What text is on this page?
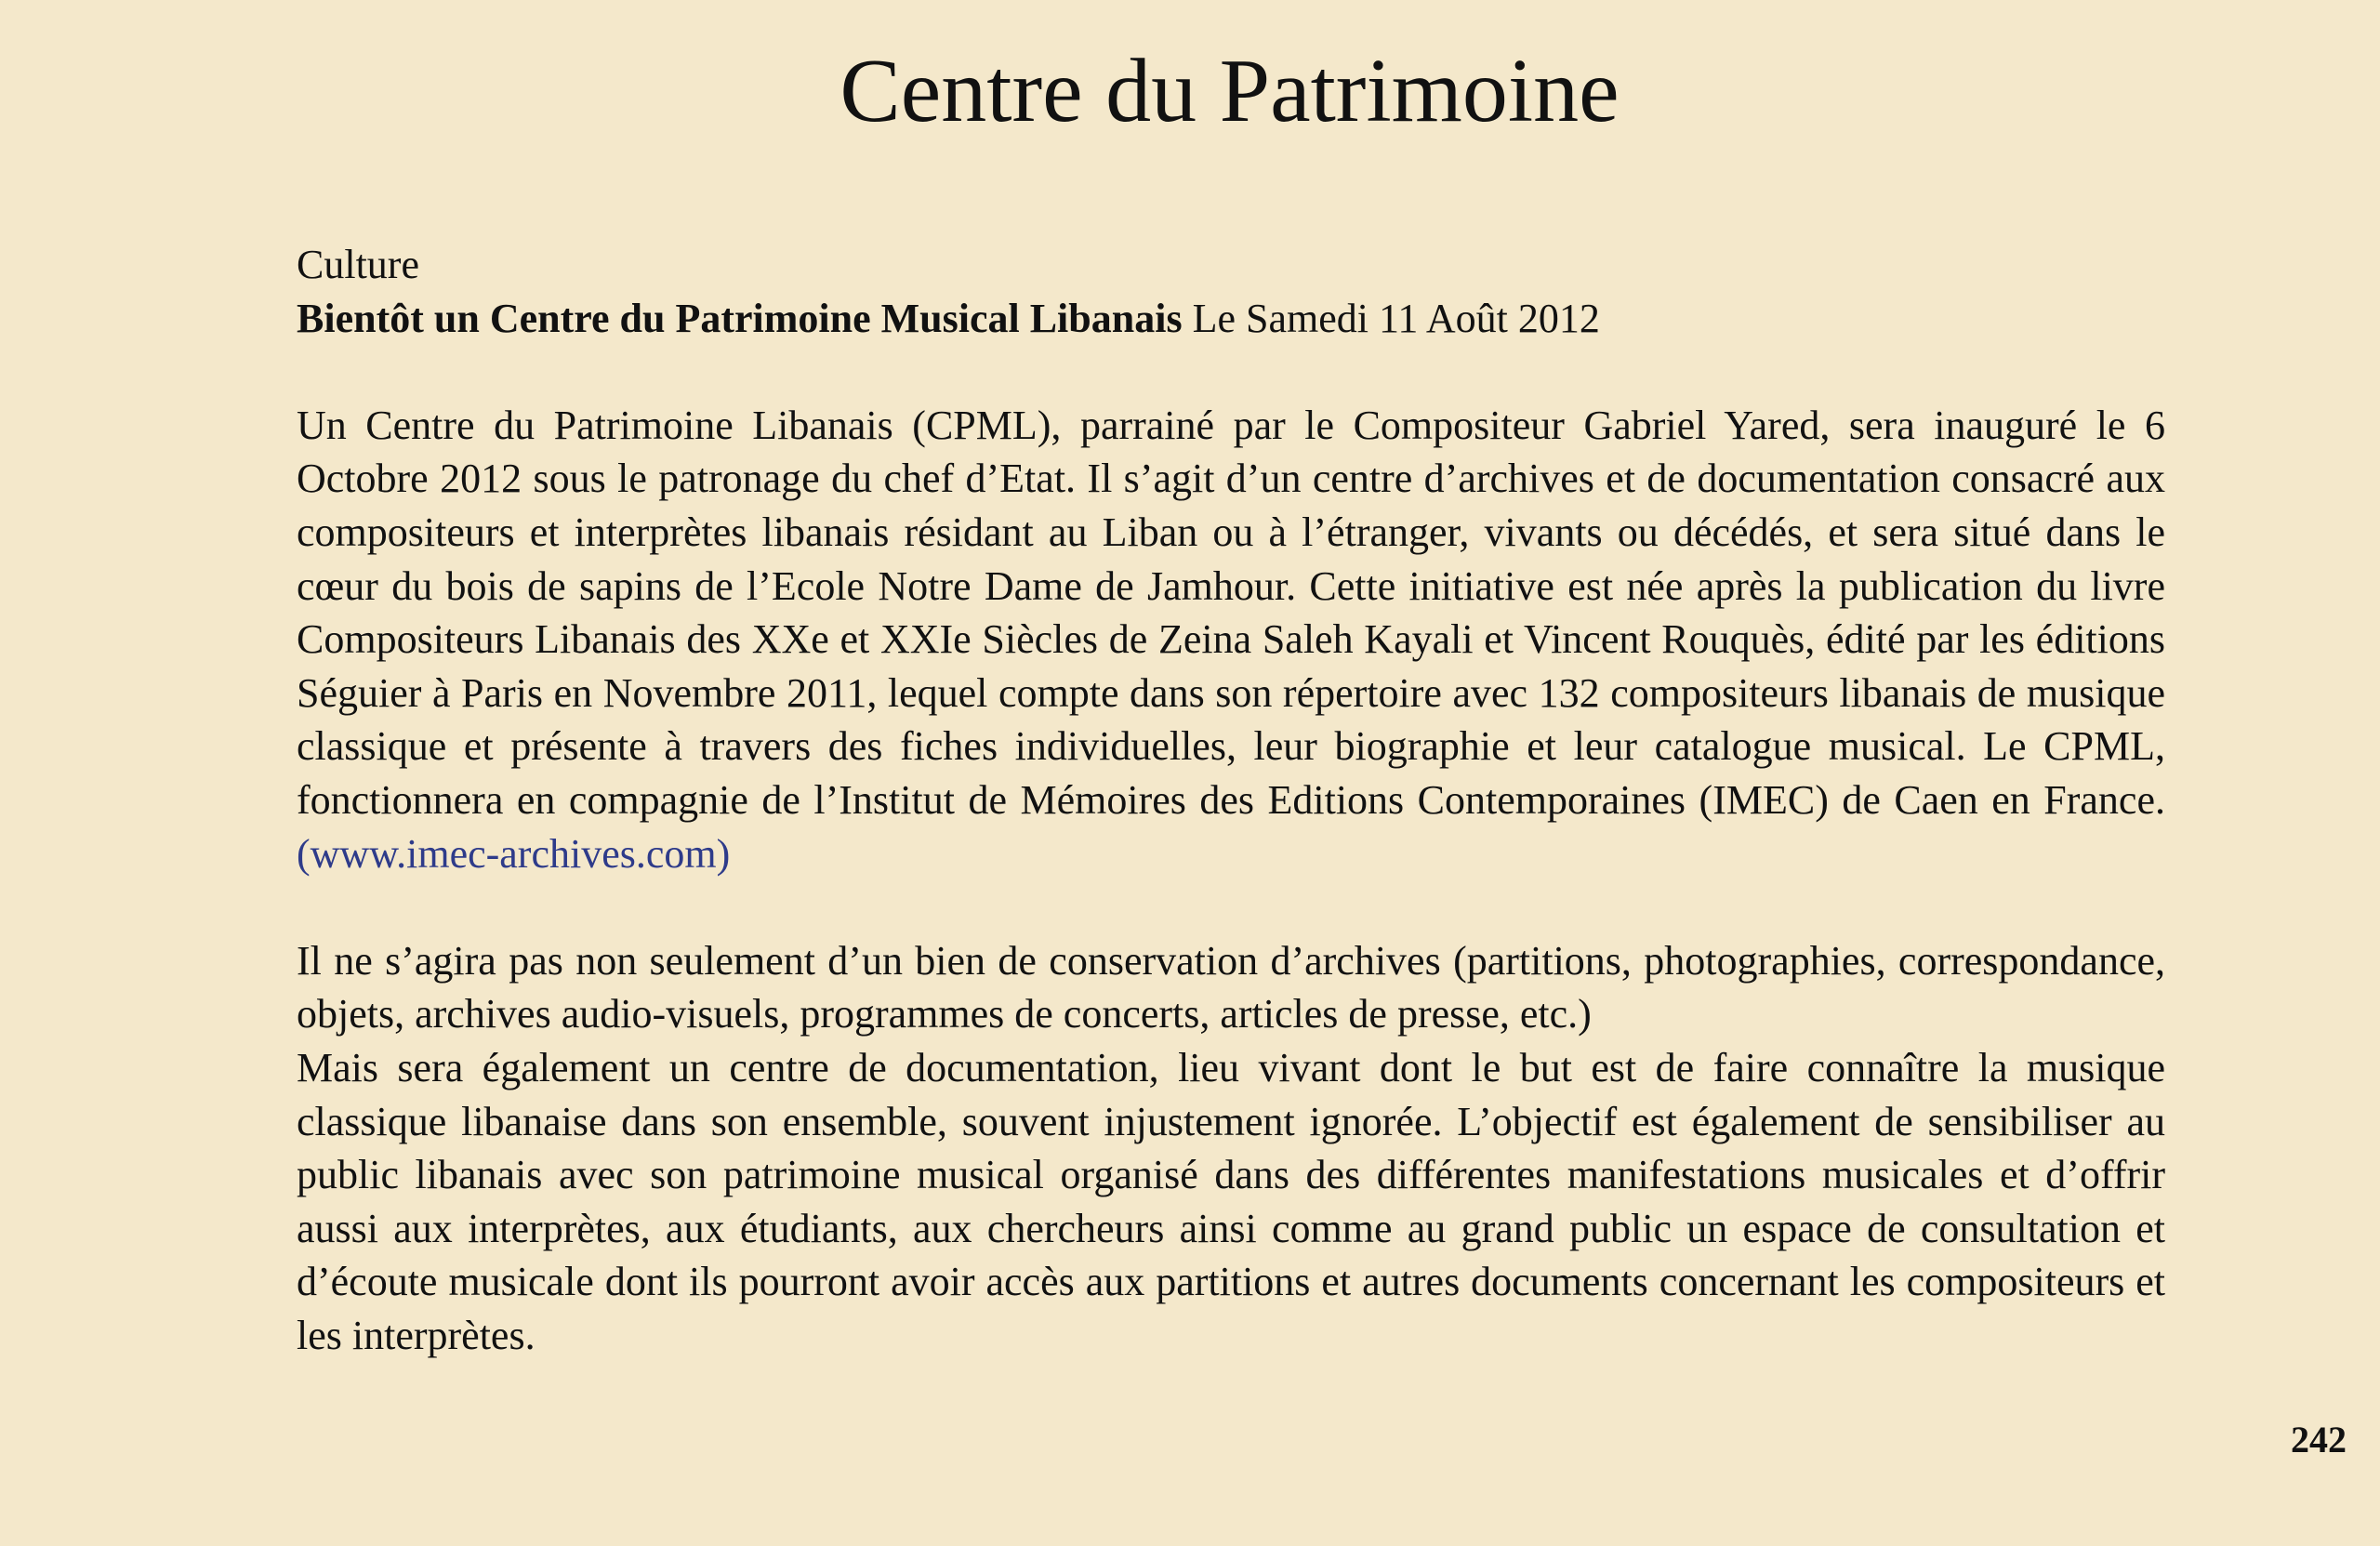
Centre du Patrimoine

Culture

Bientôt un Centre du Patrimoine Musical Libanais Le Samedi 11 Août 2012

Un Centre du Patrimoine Libanais (CPML), parrainé par le Compositeur Gabriel Yared, sera inauguré le 6 Octobre 2012 sous le patronage du chef d’Etat. Il s’agit d’un centre d’archives et de documentation consacré aux compositeurs et interprètes libanais résidant au Liban ou à l’étranger, vivants ou décédés, et sera situé dans le cœur du bois de sapins de l’Ecole Notre Dame de Jamhour. Cette initiative est née après la publication du livre Compositeurs Libanais des XXe et XXIe Siècles de Zeina Saleh Kayali et Vincent Rouquès, édité par les éditions Séguier à Paris en Novembre 2011, lequel compte dans son répertoire avec 132 compositeurs libanais de musique classique et présente à travers des fiches individuelles, leur biographie et leur catalogue musical. Le CPML, fonctionnera en compagnie de l’Institut de Mémoires des Editions Contemporaines (IMEC) de Caen en France. (www.imec-archives.com)

Il ne s’agira pas non seulement d’un bien de conservation d’archives (partitions, photographies, correspondance, objets, archives audio-visuels, programmes de concerts, articles de presse, etc.)

Mais sera également un centre de documentation, lieu vivant dont le but est de faire connaître la musique classique libanaise dans son ensemble, souvent injustement ignorée. L’objectif est également de sensibiliser au public libanais avec son patrimoine musical organisé dans des différentes manifestations musicales et d’offrir aussi aux interprètes, aux étudiants, aux chercheurs ainsi comme au grand public un espace de consultation et d’écoute musicale dont ils pourront avoir accès aux partitions et autres documents concernant les compositeurs et les interprètes.

242
